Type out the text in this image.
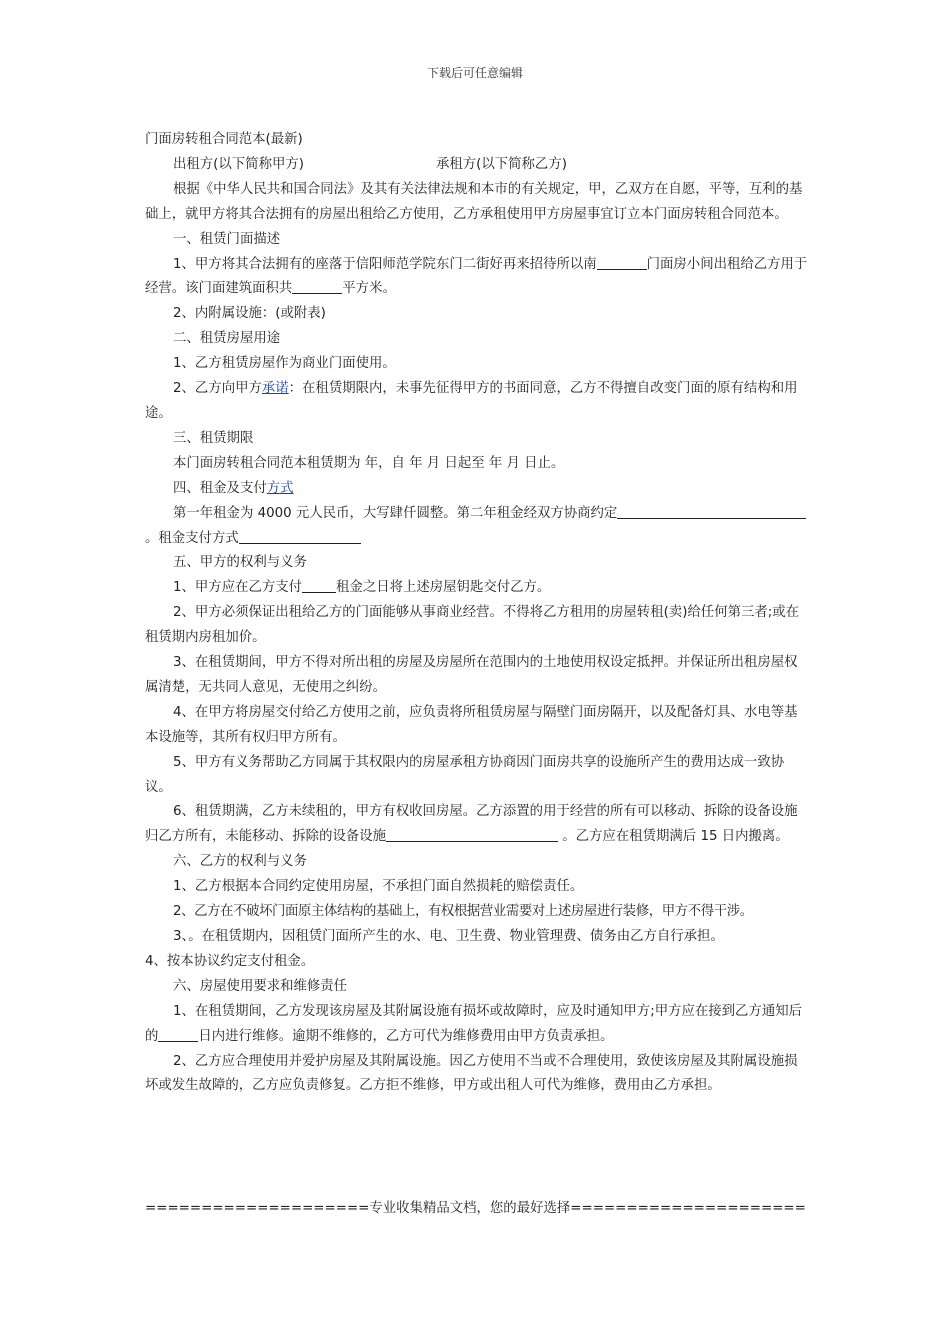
下载后可任意编辑

门面房转租合同范本(最新)

出租方(以下简称甲方)	承租方(以下简称乙方)

根据《中华人民共和国合同法》及其有关法律法规和本市的有关规定，甲，乙双方在自愿，平等，互利的基础上，就甲方将其合法拥有的房屋出租给乙方使用，乙方承租使用甲方房屋事宜订立本门面房转租合同范本。

一、租赁门面描述

1、甲方将其合法拥有的座落于信阳师范学院东门二街好再来招待所以南	门面房小间出租给乙方用于经营。该门面建筑面积共	平方米。

2、内附属设施：(或附表)

二、租赁房屋用途

1、乙方租赁房屋作为商业门面使用。

2、乙方向甲方承诺：在租赁期限内，未事先征得甲方的书面同意，乙方不得擅自改变门面的原有结构和用途。

三、租赁期限

本门面房转租合同范本租赁期为 年，自 年 月 日起至 年 月 日止。

四、租金及支付方式

第一年租金为 4000 元人民币，大写肆仟圆整。第二年租金经双方协商约定 。租金支付方式

五、甲方的权利与义务

1、甲方应在乙方支付	租金之日将上述房屋钥匙交付乙方。

2、甲方必须保证出租给乙方的门面能够从事商业经营。不得将乙方租用的房屋转租(卖)给任何第三者;或在租赁期内房租加价。

3、在租赁期间，甲方不得对所出租的房屋及房屋所在范围内的土地使用权设定抵押。并保证所出租房屋权属清楚，无共同人意见，无使用之纠纷。

4、在甲方将房屋交付给乙方使用之前，应负责将所租赁房屋与隔壁门面房隔开，以及配备灯具、水电等基本设施等，其所有权归甲方所有。

5、甲方有义务帮助乙方同属于其权限内的房屋承租方协商因门面房共享的设施所产生的费用达成一致协议。

6、租赁期满，乙方未续租的，甲方有权收回房屋。乙方添置的用于经营的所有可以移动、拆除的设备设施归乙方所有，未能移动、拆除的设备设施	。乙方应在租赁期满后 15 日内搬离。

六、乙方的权利与义务

1、乙方根据本合同约定使用房屋，不承担门面自然损耗的赔偿责任。

2、乙方在不破坏门面原主体结构的基础上，有权根据营业需要对上述房屋进行装修，甲方不得干涉。

3、。在租赁期内，因租赁门面所产生的水、电、卫生费、物业管理费、债务由乙方自行承担。

4、按本协议约定支付租金。

六、房屋使用要求和维修责任

1、在租赁期间，乙方发现该房屋及其附属设施有损坏或故障时，应及时通知甲方;甲方应在接到乙方通知后的	日内进行维修。逾期不维修的，乙方可代为维修费用由甲方负责承担。

2、乙方应合理使用并爱护房屋及其附属设施。因乙方使用不当或不合理使用，致使该房屋及其附属设施损坏或发生故障的，乙方应负责修复。乙方拒不维修，甲方或出租人可代为维修，费用由乙方承担。

====================专业收集精品文档，您的最好选择=====================
